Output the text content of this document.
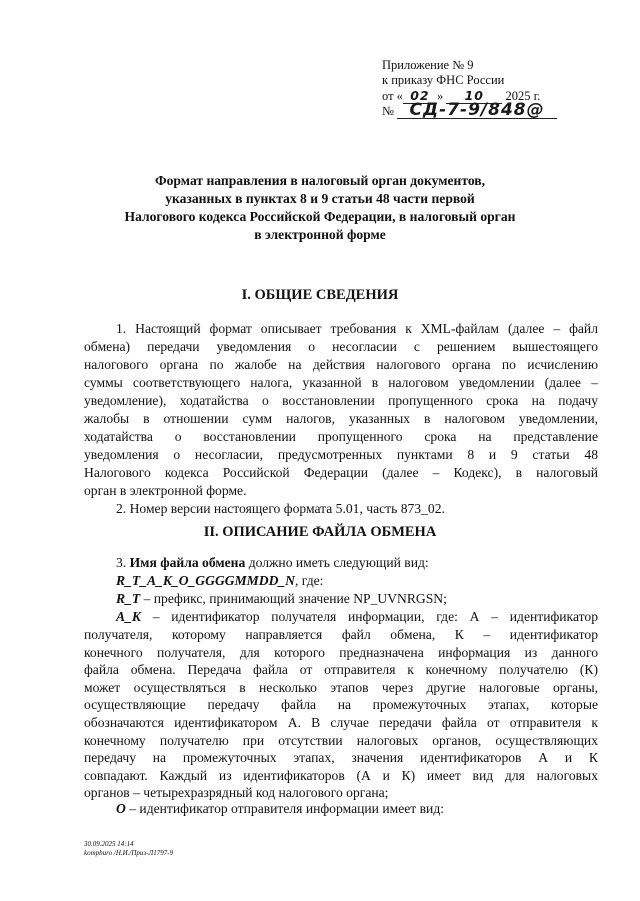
Приложение № 9
к приказу ФНС России
от « 02 » 10 2025 г.
№ СД-7-9/848@
Формат направления в налоговый орган документов,
указанных в пунктах 8 и 9 статьи 48 части первой
Налогового кодекса Российской Федерации, в налоговый орган
в электронной форме
I. ОБЩИЕ СВЕДЕНИЯ
1. Настоящий формат описывает требования к XML-файлам (далее – файл
обмена) передачи уведомления о несогласии с решением вышестоящего
налогового органа по жалобе на действия налогового органа по исчислению
суммы соответствующего налога, указанной в налоговом уведомлении (далее –
уведомление), ходатайства о восстановлении пропущенного срока на подачу
жалобы в отношении сумм налогов, указанных в налоговом уведомлении,
ходатайства о восстановлении пропущенного срока на представление
уведомления о несогласии, предусмотренных пунктами 8 и 9 статьи 48
Налогового кодекса Российской Федерации (далее – Кодекс), в налоговый
орган в электронной форме.
2. Номер версии настоящего формата 5.01, часть 873_02.
II. ОПИСАНИЕ ФАЙЛА ОБМЕНА
3. Имя файла обмена должно иметь следующий вид:
R_T_A_K_O_GGGGMMDD_N, где:
R_T – префикс, принимающий значение NP_UVNRGSN;
A_K – идентификатор получателя информации, где: А – идентификатор
получателя, которому направляется файл обмена, К – идентификатор
конечного получателя, для которого предназначена информация из данного
файла обмена. Передача файла от отправителя к конечному получателю (К)
может осуществляться в несколько этапов через другие налоговые органы,
осуществляющие передачу файла на промежуточных этапах, которые
обозначаются идентификатором А. В случае передачи файла от отправителя к
конечному получателю при отсутствии налоговых органов, осуществляющих
передачу на промежуточных этапах, значения идентификаторов А и К
совпадают. Каждый из идентификаторов (А и К) имеет вид для налоговых
органов – четырехразрядный код налогового органа;
O – идентификатор отправителя информации имеет вид:
30.09.2025 14:14
kompburo /Н.И./Приз-Л1797-9
